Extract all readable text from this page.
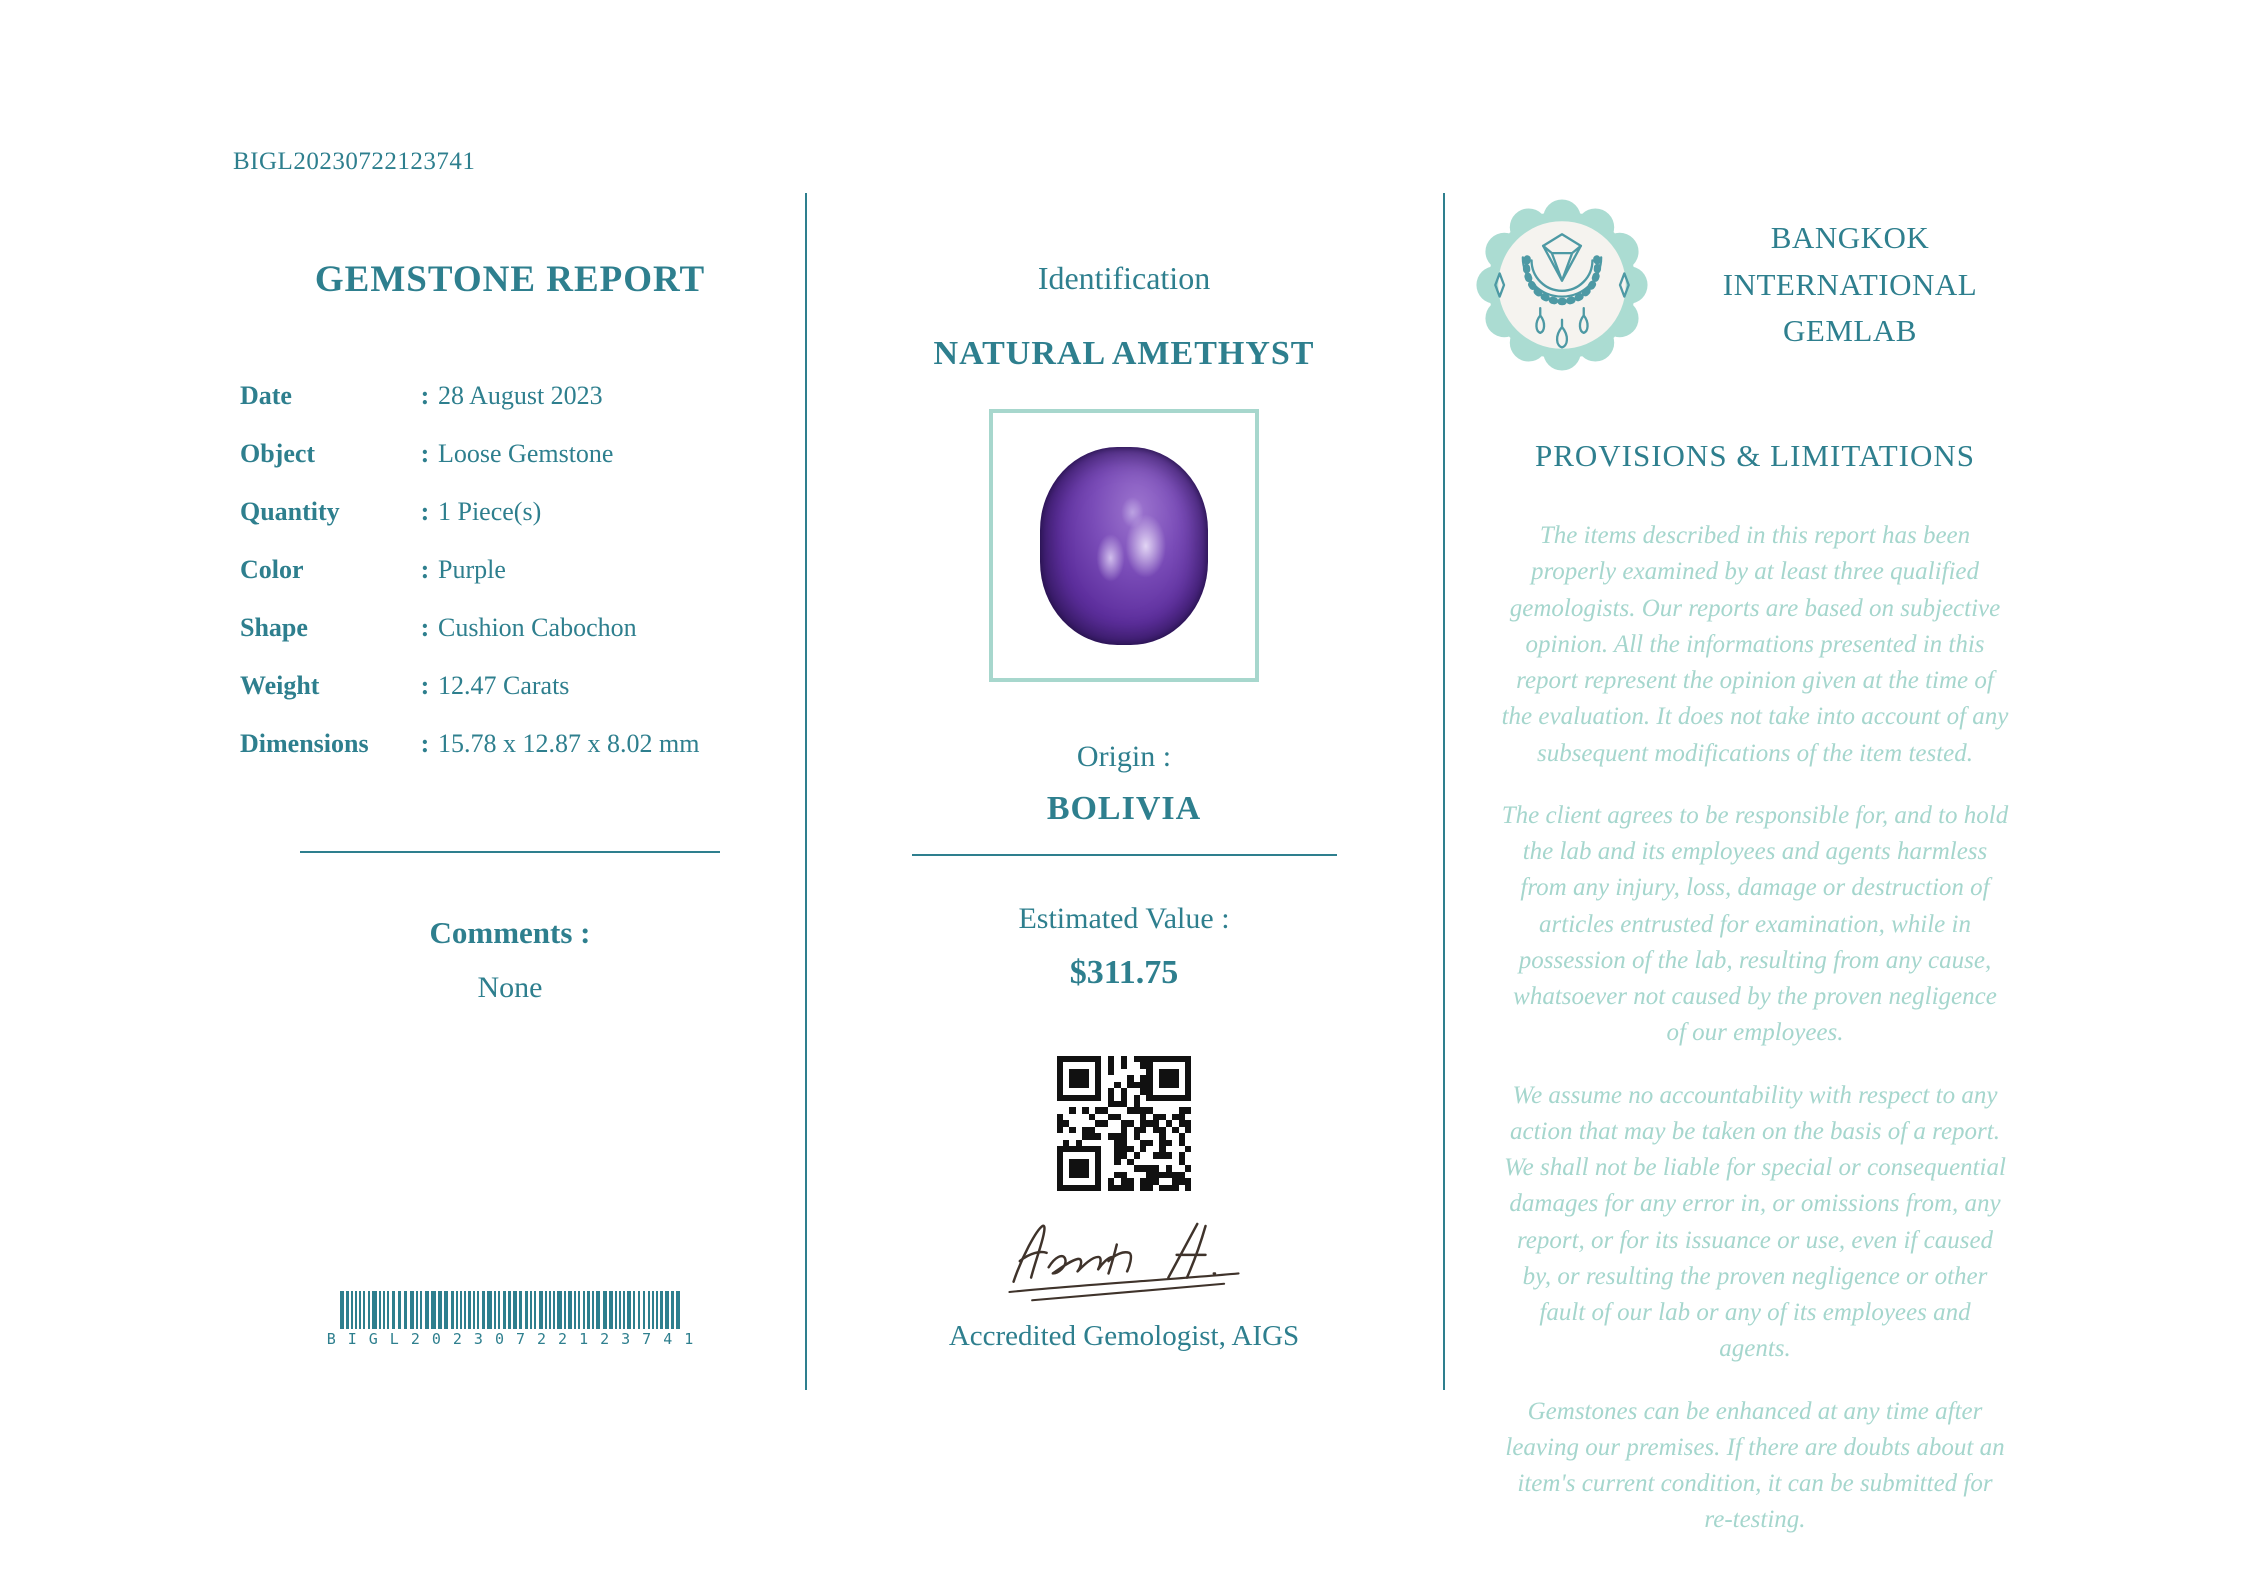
BIGL20230722123741
GEMSTONE REPORT
Date	: 28 August 2023
Object	: Loose Gemstone
Quantity	: 1 Piece(s)
Color	: Purple
Shape	: Cushion Cabochon
Weight	: 12.47 Carats
Dimensions	: 15.78 x 12.87 x 8.02 mm
Comments :
None
BIGL20230722123741
Identification
NATURAL AMETHYST
Origin :
BOLIVIA
Estimated Value :
$311.75
Accredited Gemologist, AIGS
BANGKOK
INTERNATIONAL
GEMLAB
PROVISIONS & LIMITATIONS

The items described in this report has been properly examined by at least three qualified gemologists. Our reports are based on subjective opinion. All the informations presented in this report represent the opinion given at the time of the evaluation. It does not take into account of any subsequent modifications of the item tested.

The client agrees to be responsible for, and to hold the lab and its employees and agents harmless from any injury, loss, damage or destruction of articles entrusted for examination, while in possession of the lab, resulting from any cause, whatsoever not caused by the proven negligence of our employees.

We assume no accountability with respect to any action that may be taken on the basis of a report. We shall not be liable for special or consequential damages for any error in, or omissions from, any report, or for its issuance or use, even if caused by, or resulting the proven negligence or other fault of our lab or any of its employees and agents.

Gemstones can be enhanced at any time after leaving our premises. If there are doubts about an item's current condition, it can be submitted for re-testing.
